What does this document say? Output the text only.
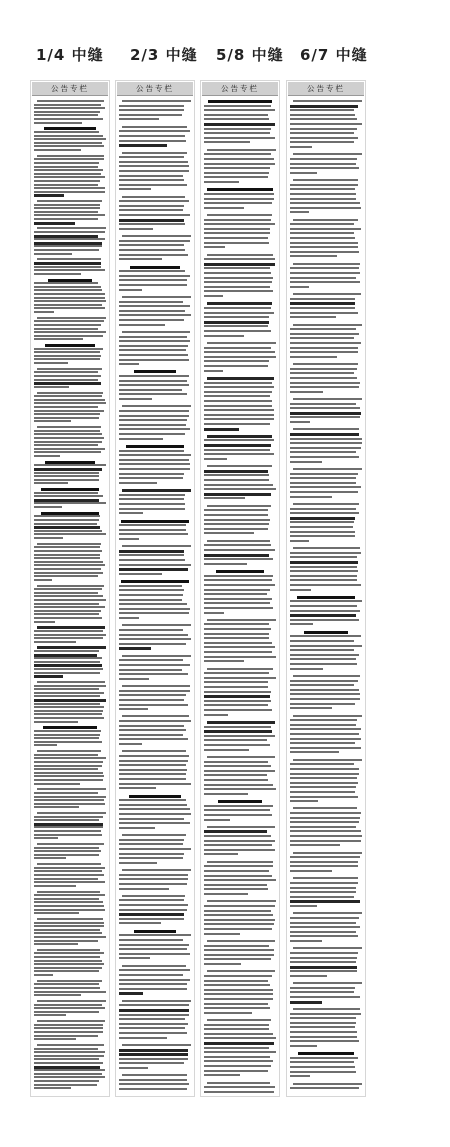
1/4 中缝 2/3 中缝 5/8 中缝 6/7 中缝
公告专栏	公告专栏	公告专栏	公告专栏
